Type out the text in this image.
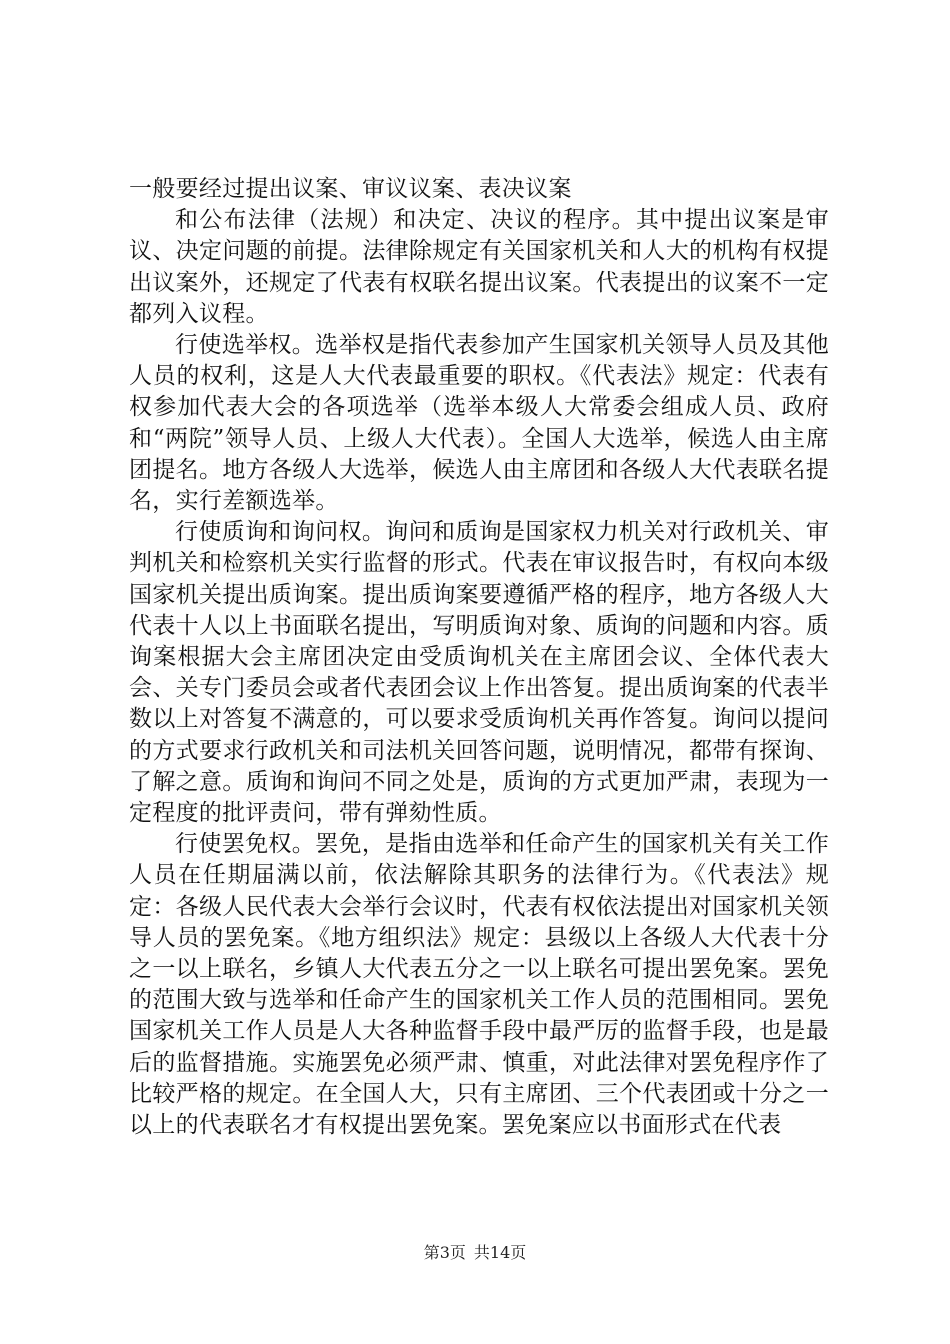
一般要经过提出议案、审议议案、表决议案

和公布法律（法规）和决定、决议的程序。其中提出议案是审议、决定问题的前提。法律除规定有关国家机关和人大的机构有权提出议案外，还规定了代表有权联名提出议案。代表提出的议案不一定都列入议程。

行使选举权。选举权是指代表参加产生国家机关领导人员及其他人员的权利，这是人大代表最重要的职权。《代表法》规定：代表有权参加代表大会的各项选举（选举本级人大常委会组成人员、政府和“两院”领导人员、上级人大代表）。全国人大选举，候选人由主席团提名。地方各级人大选举，候选人由主席团和各级人大代表联名提名，实行差额选举。

行使质询和询问权。询问和质询是国家权力机关对行政机关、审判机关和检察机关实行监督的形式。代表在审议报告时，有权向本级国家机关提出质询案。提出质询案要遵循严格的程序，地方各级人大代表十人以上书面联名提出，写明质询对象、质询的问题和内容。质询案根据大会主席团决定由受质询机关在主席团会议、全体代表大会、关专门委员会或者代表团会议上作出答复。提出质询案的代表半数以上对答复不满意的，可以要求受质询机关再作答复。询问以提问的方式要求行政机关和司法机关回答问题，说明情况，都带有探询、了解之意。质询和询问不同之处是，质询的方式更加严肃，表现为一定程度的批评责问，带有弹劾性质。

行使罢免权。罢免，是指由选举和任命产生的国家机关有关工作人员在任期届满以前，依法解除其职务的法律行为。《代表法》规定：各级人民代表大会举行会议时，代表有权依法提出对国家机关领导人员的罢免案。《地方组织法》规定：县级以上各级人大代表十分之一以上联名，乡镇人大代表五分之一以上联名可提出罢免案。罢免的范围大致与选举和任命产生的国家机关工作人员的范围相同。罢免国家机关工作人员是人大各种监督手段中最严厉的监督手段，也是最后的监督措施。实施罢免必须严肃、慎重，对此法律对罢免程序作了比较严格的规定。在全国人大，只有主席团、三个代表团或十分之一以上的代表联名才有权提出罢免案。罢免案应以书面形式在代表

第3页 共14页
